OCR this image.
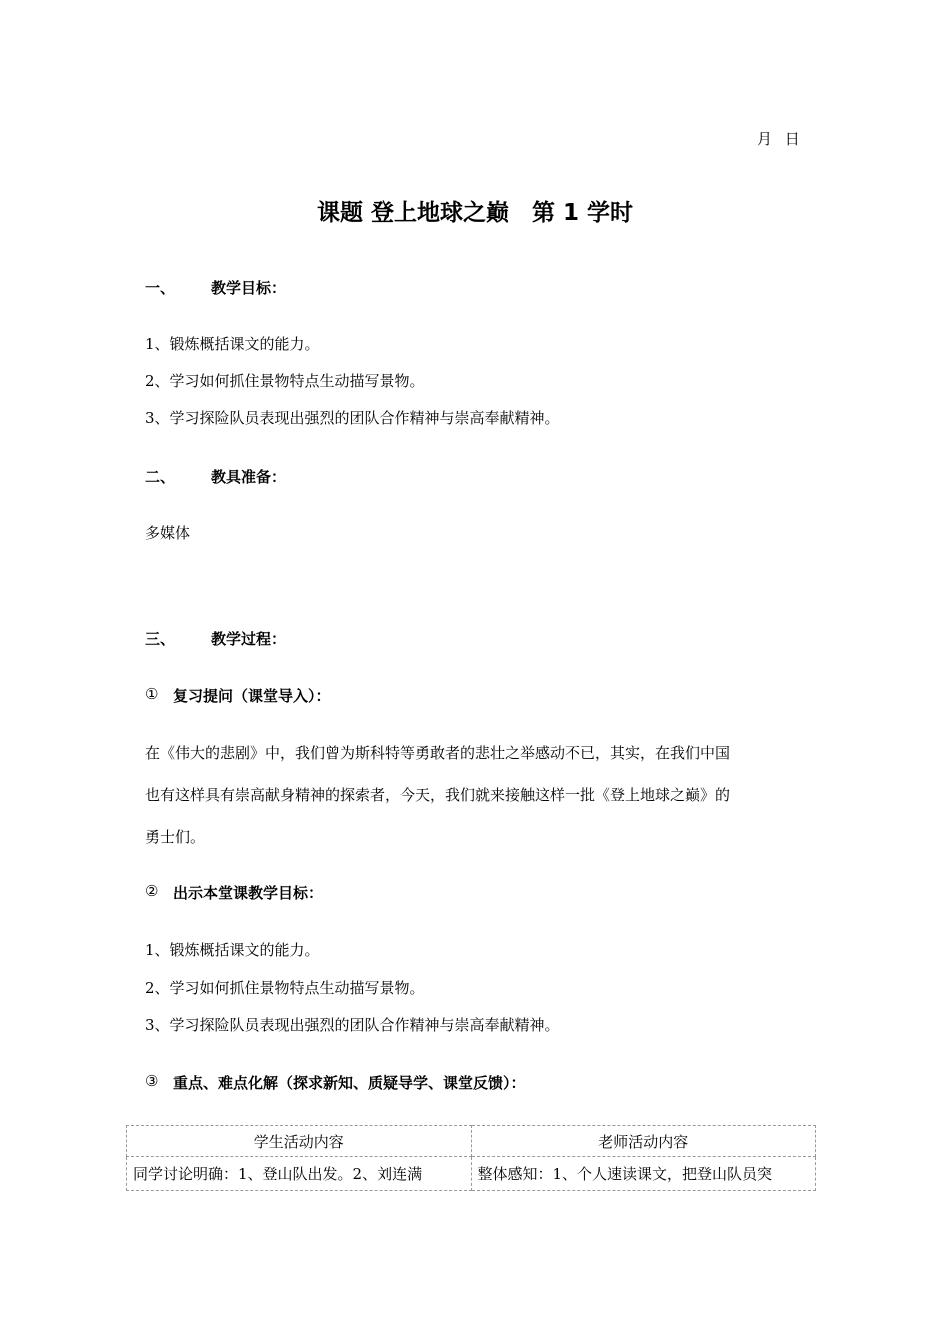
月 日
课题 登上地球之巅　第 1 学时
一、 教学目标：
1、锻炼概括课文的能力。
2、学习如何抓住景物特点生动描写景物。
3、学习探险队员表现出强烈的团队合作精神与崇高奉献精神。
二、 教具准备：
多媒体
三、 教学过程：
① 复习提问（课堂导入）：
在《伟大的悲剧》中，我们曾为斯科特等勇敢者的悲壮之举感动不已，其实，在我们中国
也有这样具有崇高献身精神的探索者，今天，我们就来接触这样一批《登上地球之巅》的
勇士们。
② 出示本堂课教学目标：
1、锻炼概括课文的能力。
2、学习如何抓住景物特点生动描写景物。
3、学习探险队员表现出强烈的团队合作精神与崇高奉献精神。
③ 重点、难点化解（探求新知、质疑导学、课堂反馈）：
学生活动内容	老师活动内容
同学讨论明确：1、登山队出发。2、刘连满	整体感知：1、个人速读课文，把登山队员突
